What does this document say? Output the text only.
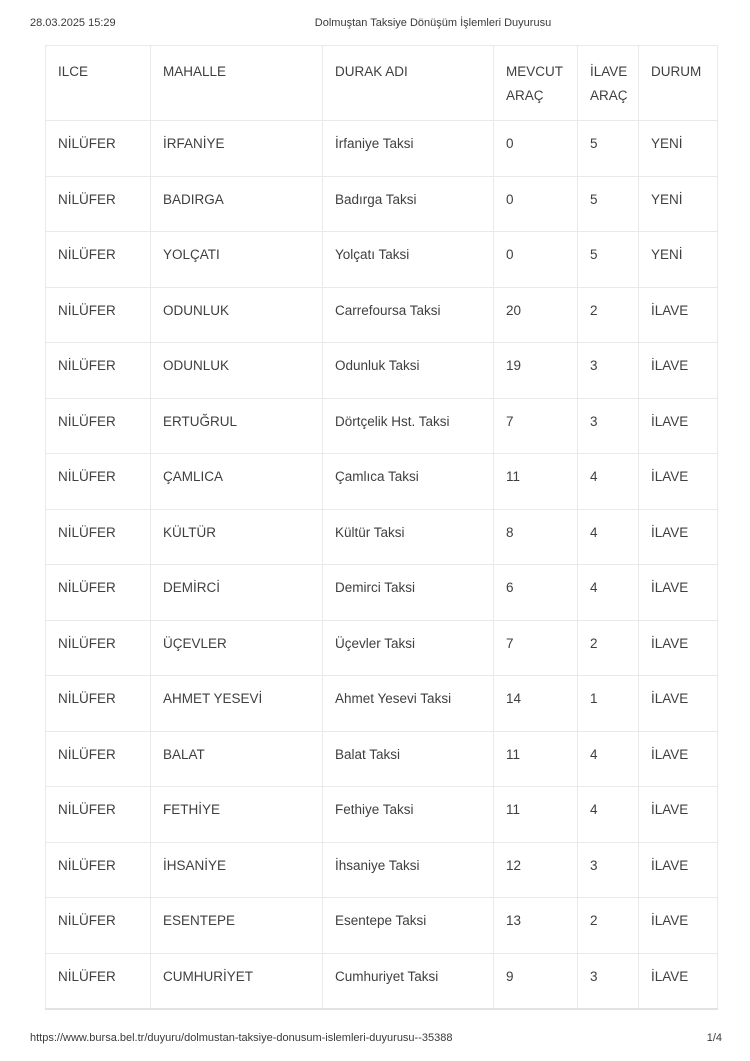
28.03.2025 15:29	Dolmuştan Taksiye Dönüşüm İşlemleri Duyurusu
ILCE	MAHALLE	DURAK ADI	MEVCUT ARAÇ	İLAVE ARAÇ	DURUM
NİLÜFER	İRFANİYE	İrfaniye Taksi	0	5	YENİ
NİLÜFER	BADIRGA	Badırga Taksi	0	5	YENİ
NİLÜFER	YOLÇATI	Yolçatı Taksi	0	5	YENİ
NİLÜFER	ODUNLUK	Carrefoursa Taksi	20	2	İLAVE
NİLÜFER	ODUNLUK	Odunluk Taksi	19	3	İLAVE
NİLÜFER	ERTUĞRUL	Dörtçelik Hst. Taksi	7	3	İLAVE
NİLÜFER	ÇAMLICA	Çamlıca Taksi	11	4	İLAVE
NİLÜFER	KÜLTÜR	Kültür Taksi	8	4	İLAVE
NİLÜFER	DEMİRCİ	Demirci Taksi	6	4	İLAVE
NİLÜFER	ÜÇEVLER	Üçevler Taksi	7	2	İLAVE
NİLÜFER	AHMET YESEVİ	Ahmet Yesevi Taksi	14	1	İLAVE
NİLÜFER	BALAT	Balat Taksi	11	4	İLAVE
NİLÜFER	FETHİYE	Fethiye Taksi	11	4	İLAVE
NİLÜFER	İHSANİYE	İhsaniye Taksi	12	3	İLAVE
NİLÜFER	ESENTEPE	Esentepe Taksi	13	2	İLAVE
NİLÜFER	CUMHURİYET	Cumhuriyet Taksi	9	3	İLAVE
https://www.bursa.bel.tr/duyuru/dolmustan-taksiye-donusum-islemleri-duyurusu--35388	1/4
